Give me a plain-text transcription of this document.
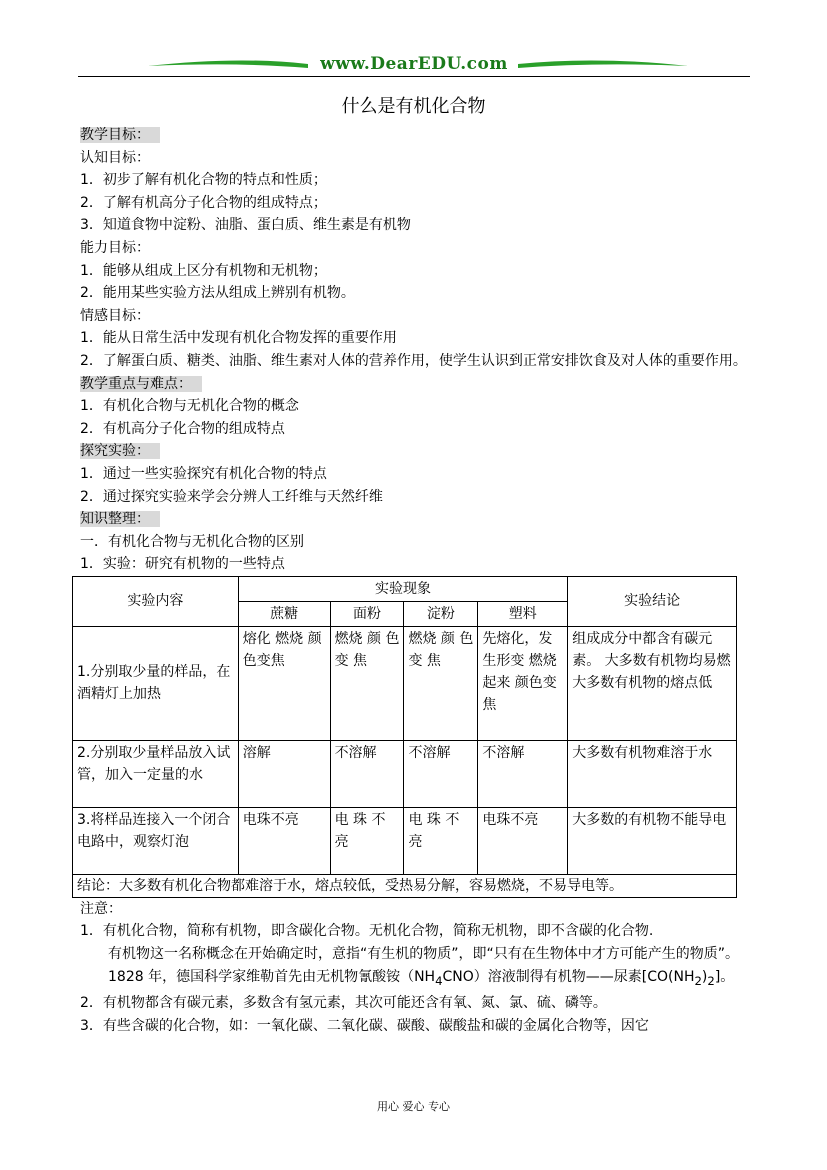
www.DearEDU.com
什么是有机化合物
教学目标：
认知目标：
1．初步了解有机化合物的特点和性质；
2．了解有机高分子化合物的组成特点；
3．知道食物中淀粉、油脂、蛋白质、维生素是有机物
能力目标：
1．能够从组成上区分有机物和无机物；
2．能用某些实验方法从组成上辨别有机物。
情感目标：
1．能从日常生活中发现有机化合物发挥的重要作用
2．了解蛋白质、糖类、油脂、维生素对人体的营养作用，使学生认识到正常安排饮食及对人体的重要作用。
教学重点与难点：
1．有机化合物与无机化合物的概念
2．有机高分子化合物的组成特点
探究实验：
1．通过一些实验探究有机化合物的特点
2．通过探究实验来学会分辨人工纤维与天然纤维
知识整理：
一．有机化合物与无机化合物的区别
1．实验：研究有机物的一些特点
实验内容	实验现象				实验结论
	蔗糖	面粉	淀粉	塑料	
1.分别取少量的样品，在酒精灯上加热	熔化 燃烧 颜色变焦	燃烧 颜 色 变 焦	燃烧 颜 色 变 焦	先熔化，发生形变 燃烧起来 颜色变焦	组成成分中都含有碳元素。 大多数有机物均易燃 大多数有机物的熔点低
2.分别取少量样品放入试管，加入一定量的水	溶解	不溶解	不溶解	不溶解	大多数有机物难溶于水
3.将样品连接入一个闭合电路中，观察灯泡	电珠不亮	电 珠 不 亮	电 珠 不 亮	电珠不亮	大多数的有机物不能导电
结论：大多数有机化合物都难溶于水，熔点较低，受热易分解，容易燃烧，不易导电等。					
注意：
1．有机化合物，简称有机物，即含碳化合物。无机化合物，简称无机物，即不含碳的化合物.
有机物这一名称概念在开始确定时，意指“有生机的物质”，即“只有在生物体中才方可能产生的物质”。1828 年，德国科学家维勒首先由无机物氰酸铵$(NH_4CNO)$溶液制得有机物——尿素$[CO(NH_2)_2]$。
2．有机物都含有碳元素，多数含有氢元素，其次可能还含有氧、氮、氯、硫、磷等。
3．有些含碳的化合物，如：一氧化碳、二氧化碳、碳酸、碳酸盐和碳的金属化合物等，因它
用心 爱心 专心
